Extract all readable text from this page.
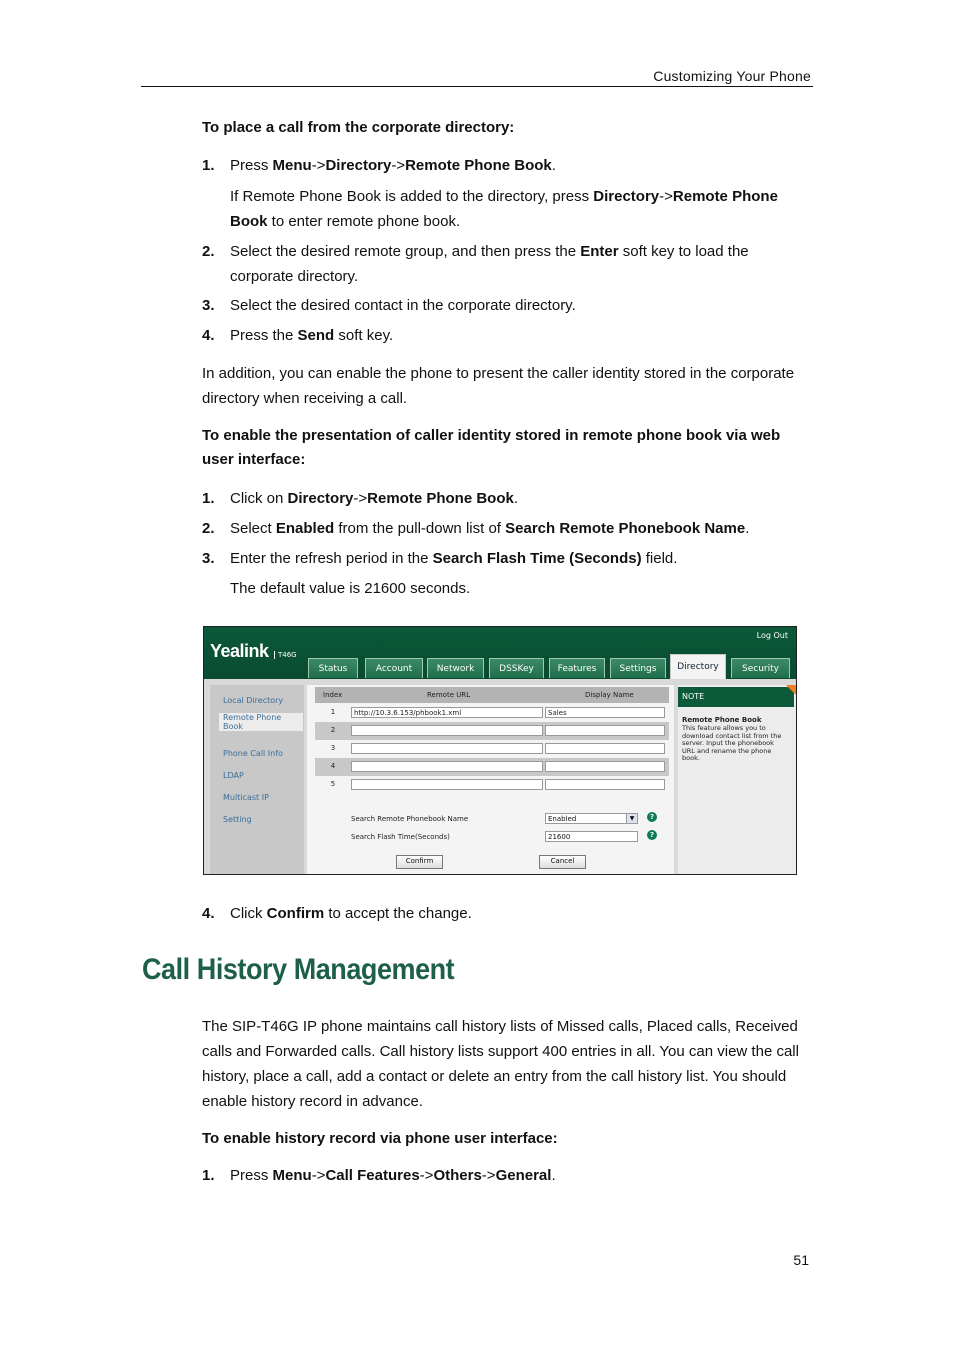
Customizing Your Phone
To place a call from the corporate directory:
1. Press Menu->Directory->Remote Phone Book.
If Remote Phone Book is added to the directory, press Directory->Remote Phone Book to enter remote phone book.
2. Select the desired remote group, and then press the Enter soft key to load the corporate directory.
3. Select the desired contact in the corporate directory.
4. Press the Send soft key.
In addition, you can enable the phone to present the caller identity stored in the corporate directory when receiving a call.
To enable the presentation of caller identity stored in remote phone book via web user interface:
1. Click on Directory->Remote Phone Book.
2. Select Enabled from the pull-down list of Search Remote Phonebook Name.
3. Enter the refresh period in the Search Flash Time (Seconds) field.
The default value is 21600 seconds.
Yealink	T46G
Log Out
Status	Account	Network	DSSKey	Features	Settings	Directory	Security
Local Directory
Remote Phone Book
Phone Call Info
LDAP
Multicast IP
Setting
Index	Remote URL	Display Name
1	http://10.3.6.153/phbook1.xml	Sales
2
3
4
5
Search Remote Phonebook Name	Enabled	▼	?
Search Flash Time(Seconds)	21600	?
Confirm	Cancel
NOTE
Remote Phone Book
This feature allows you to download contact list from the server. Input the phonebook URL and rename the phone book.
4. Click Confirm to accept the change.
Call History Management
The SIP-T46G IP phone maintains call history lists of Missed calls, Placed calls, Received calls and Forwarded calls. Call history lists support 400 entries in all. You can view the call history, place a call, add a contact or delete an entry from the call history list. You should enable history record in advance.
To enable history record via phone user interface:
1. Press Menu->Call Features->Others->General.
51
